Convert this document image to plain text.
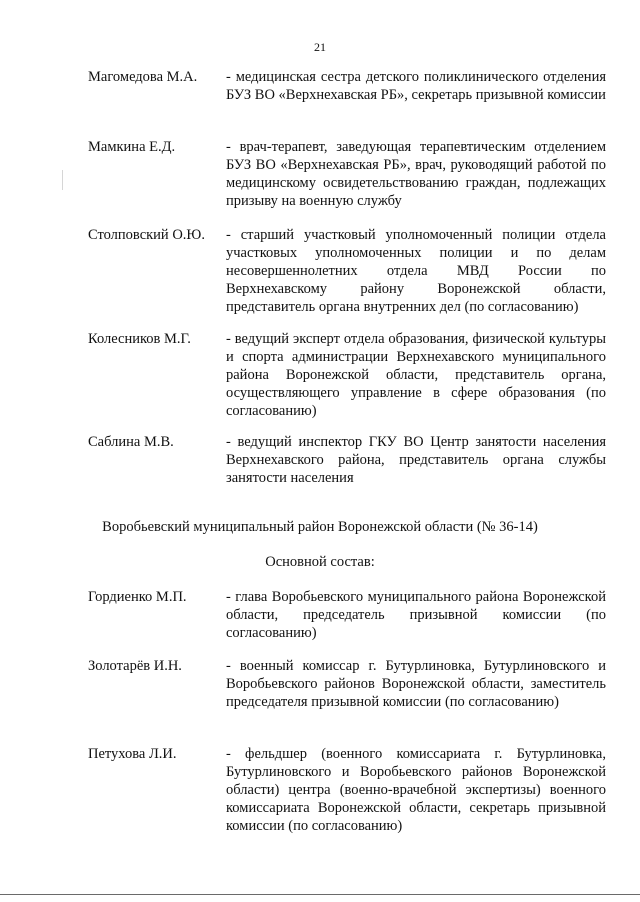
21
Магомедова М.А. - медицинская сестра детского поликлинического отделения БУЗ ВО «Верхнехавская РБ», секретарь призывной комиссии
Мамкина Е.Д.	- врач-терапевт, заведующая терапевтическим отделением БУЗ ВО «Верхнехавская РБ», врач, руководящий работой по медицинскому освидетельствованию граждан, подлежащих призыву на военную службу
Столповский О.Ю. - старший участковый уполномоченный полиции отдела участковых уполномоченных полиции и по делам несовершеннолетних отдела МВД России по Верхнехавскому району Воронежской области, представитель органа внутренних дел (по согласованию)
Колесников М.Г. - ведущий эксперт отдела образования, физической культуры и спорта администрации Верхнехавского муниципального района Воронежской области, представитель органа, осуществляющего управление в сфере образования (по согласованию)
Саблина М.В.	- ведущий инспектор ГКУ ВО Центр занятости населения Верхнехавского района, представитель органа службы занятости населения
Воробьевский муниципальный район Воронежской области (№ 36-14)
Основной состав:
Гордиенко М.П.	- глава Воробьевского муниципального района Воронежской области, председатель призывной комиссии (по согласованию)
Золотарёв И.Н.	- военный комиссар г. Бутурлиновка, Бутурлиновского и Воробьевского районов Воронежской области, заместитель председателя призывной комиссии (по согласованию)
Петухова Л.И.	- фельдшер (военного комиссариата г. Бутурлиновка, Бутурлиновского и Воробьевского районов Воронежской области) центра (военно-врачебной экспертизы) военного комиссариата Воронежской области, секретарь призывной комиссии (по согласованию)
